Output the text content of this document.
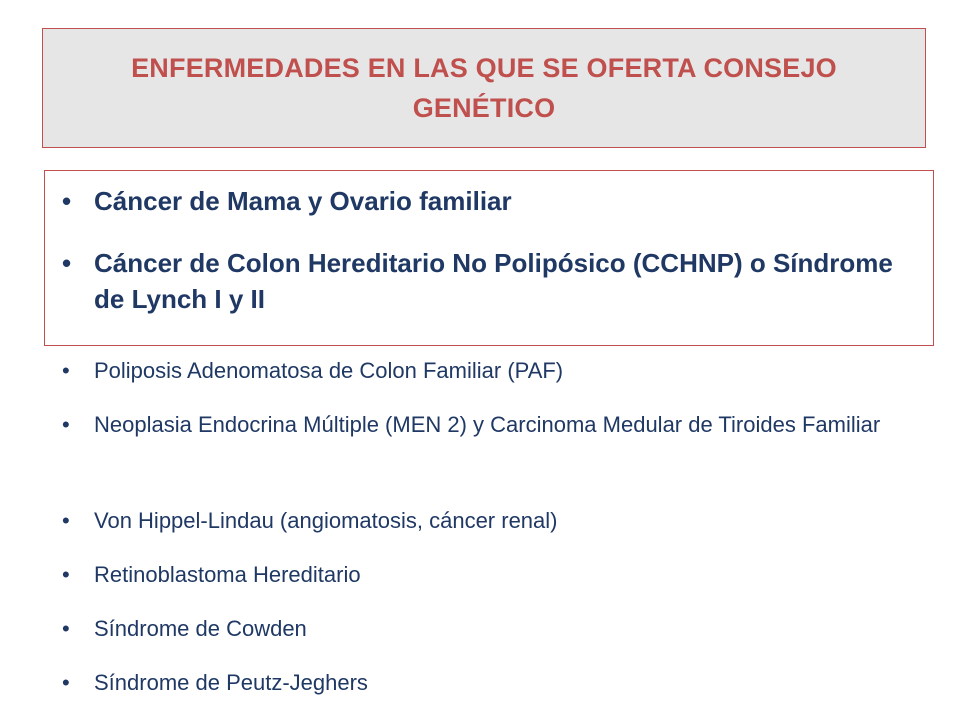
ENFERMEDADES EN LAS QUE SE OFERTA CONSEJO GENÉTICO
• Cáncer de Mama y Ovario familiar
• Cáncer de Colon Hereditario No Polipósico (CCHNP) o Síndrome de Lynch I y II
• Poliposis Adenomatosa de Colon Familiar (PAF)
• Neoplasia Endocrina Múltiple (MEN 2) y Carcinoma Medular de Tiroides Familiar
• Von Hippel-Lindau (angiomatosis, cáncer renal)
• Retinoblastoma Hereditario
• Síndrome de Cowden
• Síndrome de Peutz-Jeghers
